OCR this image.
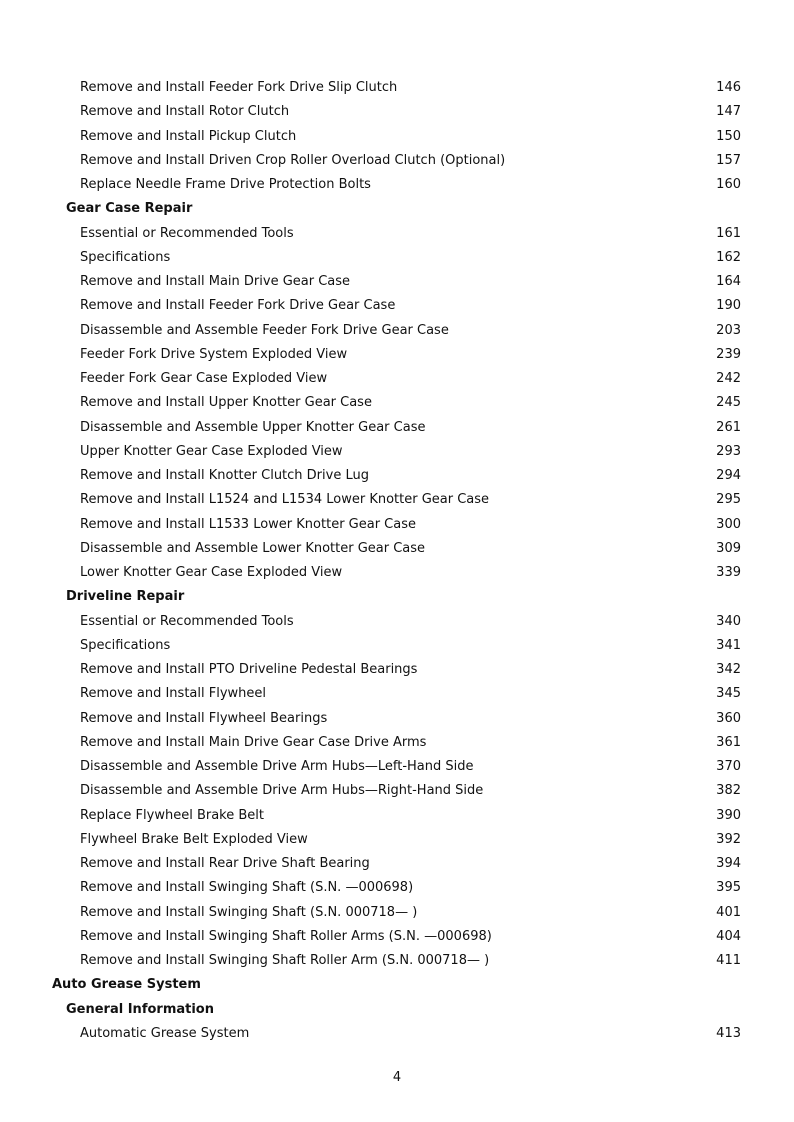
Remove and Install Feeder Fork Drive Slip Clutch	146
Remove and Install Rotor Clutch	147
Remove and Install Pickup Clutch	150
Remove and Install Driven Crop Roller Overload Clutch (Optional)	157
Replace Needle Frame Drive Protection Bolts	160
Gear Case Repair
Essential or Recommended Tools	161
Specifications	162
Remove and Install Main Drive Gear Case	164
Remove and Install Feeder Fork Drive Gear Case	190
Disassemble and Assemble Feeder Fork Drive Gear Case	203
Feeder Fork Drive System Exploded View	239
Feeder Fork Gear Case Exploded View	242
Remove and Install Upper Knotter Gear Case	245
Disassemble and Assemble Upper Knotter Gear Case	261
Upper Knotter Gear Case Exploded View	293
Remove and Install Knotter Clutch Drive Lug	294
Remove and Install L1524 and L1534 Lower Knotter Gear Case	295
Remove and Install L1533 Lower Knotter Gear Case	300
Disassemble and Assemble Lower Knotter Gear Case	309
Lower Knotter Gear Case Exploded View	339
Driveline Repair
Essential or Recommended Tools	340
Specifications	341
Remove and Install PTO Driveline Pedestal Bearings	342
Remove and Install Flywheel	345
Remove and Install Flywheel Bearings	360
Remove and Install Main Drive Gear Case Drive Arms	361
Disassemble and Assemble Drive Arm Hubs—Left-Hand Side	370
Disassemble and Assemble Drive Arm Hubs—Right-Hand Side	382
Replace Flywheel Brake Belt	390
Flywheel Brake Belt Exploded View	392
Remove and Install Rear Drive Shaft Bearing	394
Remove and Install Swinging Shaft (S.N. —000698)	395
Remove and Install Swinging Shaft (S.N. 000718— )	401
Remove and Install Swinging Shaft Roller Arms (S.N. —000698)	404
Remove and Install Swinging Shaft Roller Arm (S.N. 000718— )	411
Auto Grease System
General Information
Automatic Grease System	413
4
